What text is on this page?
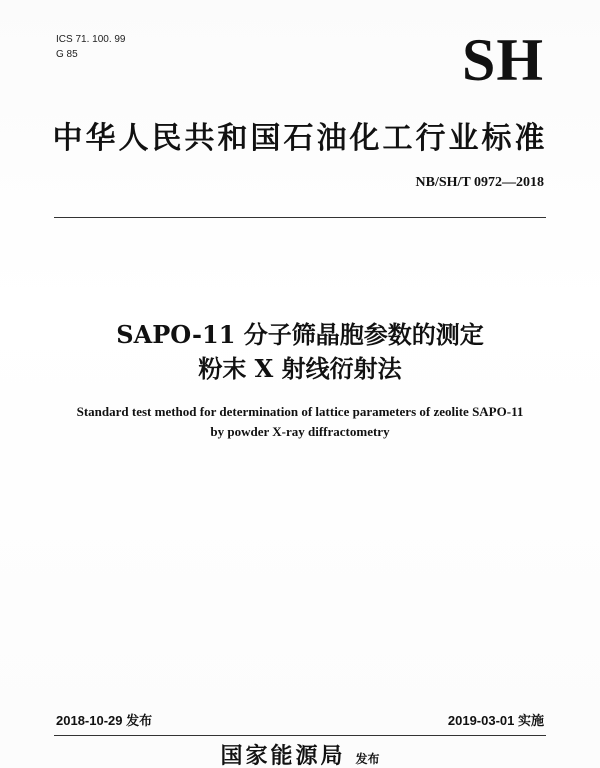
ICS 71. 100. 99
G 85	SH
中华人民共和国石油化工行业标准
NB/SH/T 0972—2018
SAPO-11 分子筛晶胞参数的测定
粉末 X 射线衍射法
Standard test method for determination of lattice parameters of zeolite SAPO-11
by powder X-ray diffractometry
2018-10-29 发布	2019-03-01 实施
国家能源局 发布
